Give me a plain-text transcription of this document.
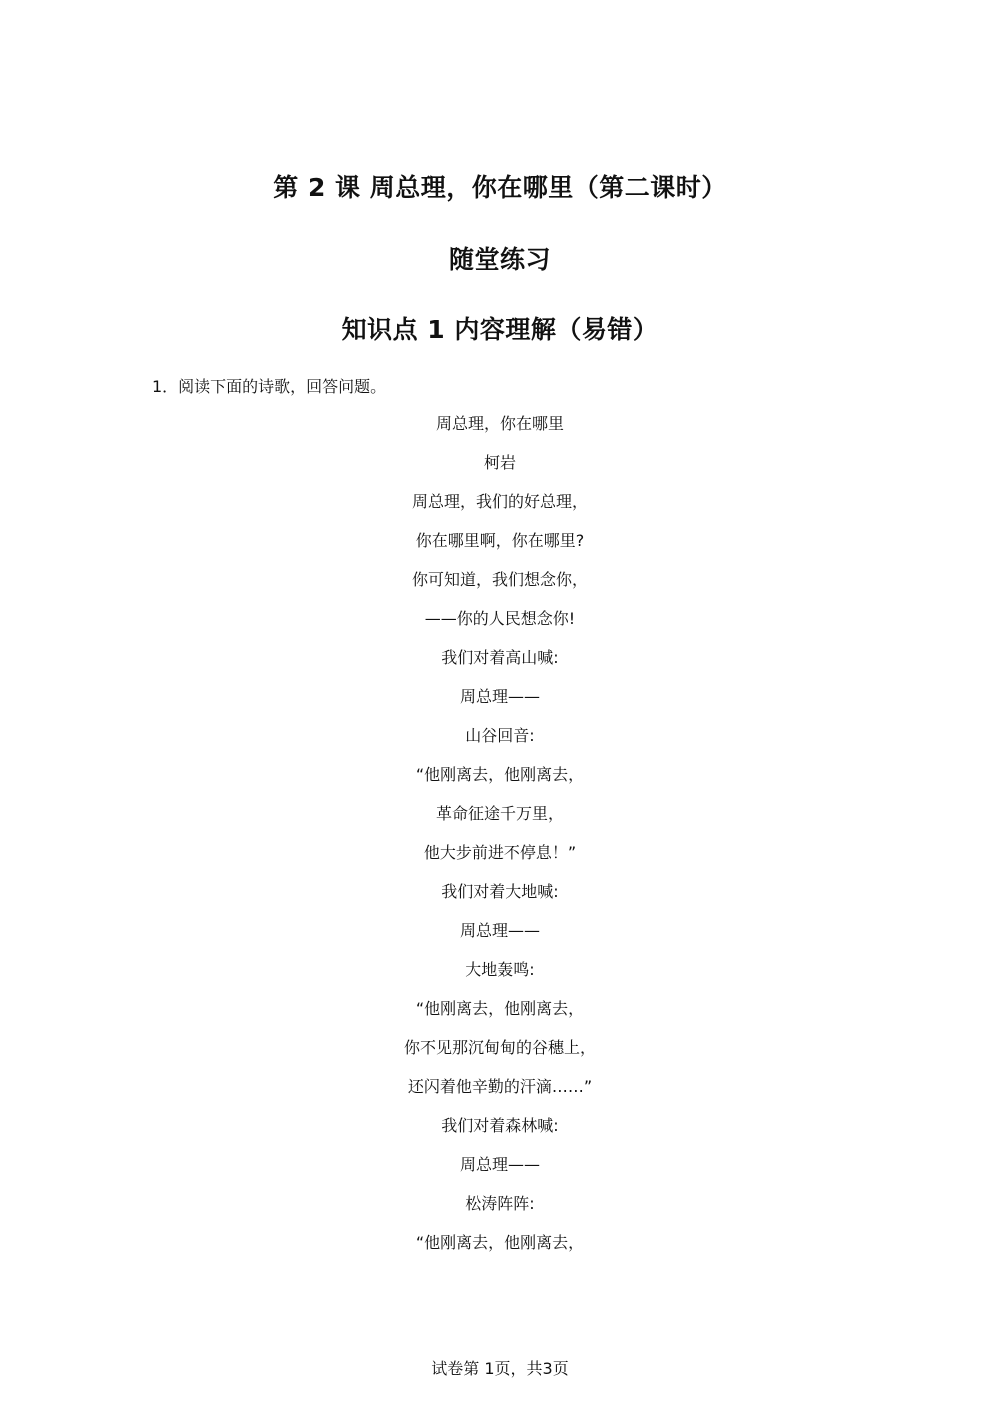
第 2 课 周总理，你在哪里（第二课时）
随堂练习
知识点 1 内容理解（易错）
1．阅读下面的诗歌，回答问题。
周总理，你在哪里
柯岩
周总理，我们的好总理，
你在哪里啊，你在哪里?
你可知道，我们想念你，
——你的人民想念你!
我们对着高山喊:
周总理——
山谷回音:
“他刚离去，他刚离去，
革命征途千万里，
他大步前进不停息！”
我们对着大地喊:
周总理——
大地轰鸣:
“他刚离去，他刚离去，
你不见那沉甸甸的谷穗上，
还闪着他辛勤的汗滴……”
我们对着森林喊:
周总理——
松涛阵阵:
“他刚离去，他刚离去，
试卷第 1页，共3页
